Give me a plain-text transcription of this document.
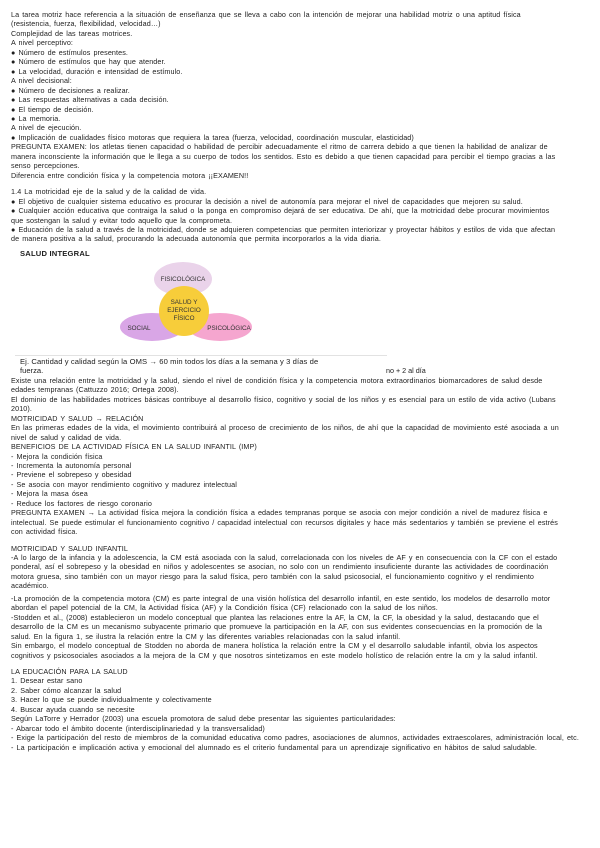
La tarea motriz hace referencia a la situación de enseñanza que se lleva a cabo con la intención de mejorar una habilidad motriz o una aptitud física
(resistencia, fuerza, flexibilidad, velocidad…)
Complejidad de las tareas motrices.
A nivel perceptivo:
● Número de estímulos presentes.
● Número de estímulos que hay que atender.
● La velocidad, duración e intensidad de estímulo.
A nivel decisional:
● Número de decisiones a realizar.
● Las respuestas alternativas a cada decisión.
● El tiempo de decisión.
● La memoria.
A nivel de ejecución.
● Implicación de cualidades físico motoras que requiera la tarea (fuerza, velocidad, coordinación muscular, elasticidad)
PREGUNTA EXAMEN: los atletas tienen capacidad o habilidad de percibir adecuadamente el ritmo de carrera debido a que tienen la habilidad de analizar de
manera inconsciente la información que le llega a su cuerpo de todos los sentidos. Esto es debido a que tienen capacidad para percibir el tiempo gracias a las
senso percepciones.
Diferencia entre condición física y la competencia motora ¡¡EXAMEN!!
1.4 La motricidad eje de la salud y de la calidad de vida.
● El objetivo de cualquier sistema educativo es procurar la decisión a nivel de autonomía para mejorar el nivel de capacidades que mejoren su salud.
● Cualquier acción educativa que contraiga la salud o la ponga en compromiso dejará de ser educativa. De ahí, que la motricidad debe procurar movimientos
que sostengan la salud y evitar todo aquello que la comprometa.
● Educación de la salud a través de la motricidad, donde se adquieren competencias que permiten interiorizar y proyectar hábitos y estilos de vida que afectan
de manera positiva a la salud, procurando la adecuada autonomía que permita incorporarlos a la vida diaria.
SALUD INTEGRAL
FISICOLÓGICA
SALUD Y
EJERCICIO
FÍSICO
SOCIAL	PSICOLÓGICA
Ej. Cantidad y calidad según la OMS → 60 min todos los días a la semana y 3 días de
fuerza.	no + 2 al día
Existe una relación entre la motricidad y la salud, siendo el nivel de condición física y la competencia motora extraordinarios biomarcadores de salud desde
edades tempranas (Cattuzzo 2016; Ortega 2008).
El dominio de las habilidades motrices básicas contribuye al desarrollo físico, cognitivo y social de los niños y es esencial para un estilo de vida activo (Lubans
2010).
MOTRICIDAD Y SALUD → RELACIÓN
En las primeras edades de la vida, el movimiento contribuirá al proceso de crecimiento de los niños, de ahí que la capacidad de movimiento esté asociada a un
nivel de salud y calidad de vida.
BENEFICIOS DE LA ACTIVIDAD FÍSICA EN LA SALUD INFANTIL (IMP)
- Mejora la condición física
- Incrementa la autonomía personal
- Previene el sobrepeso y obesidad
- Se asocia con mayor rendimiento cognitivo y madurez intelectual
- Mejora la masa ósea
- Reduce los factores de riesgo coronario
PREGUNTA EXAMEN → La actividad física mejora la condición física a edades tempranas porque se asocia con mejor condición a nivel de madurez física e
intelectual. Se puede estimular el funcionamiento cognitivo / capacidad intelectual con recursos digitales y hace más sedentarios y también se previene el estrés
con actividad física.
MOTRICIDAD Y SALUD INFANTIL
-A lo largo de la infancia y la adolescencia, la CM está asociada con la salud, correlacionada con los niveles de AF y en consecuencia con la CF con el estado
ponderal, así el sobrepeso y la obesidad en niños y adolescentes se asocian, no solo con un rendimiento insuficiente durante las actividades de coordinación
motora gruesa, sino también con un mayor riesgo para la salud física, pero también con la salud psicosocial, el funcionamiento cognitivo y el rendimiento
académico.
-La promoción de la competencia motora (CM) es parte integral de una visión holística del desarrollo infantil, en este sentido, los modelos de desarrollo motor
abordan el papel potencial de la CM, la Actividad física (AF) y la Condición física (CF) relacionado con la salud de los niños.
-Stodden et al., (2008) establecieron un modelo conceptual que plantea las relaciones entre la AF, la CM, la CF, la obesidad y la salud, destacando que el
desarrollo de la CM es un mecanismo subyacente primario que promueve la participación en la AF, con sus evidentes consecuencias en la promoción de la
salud. En la figura 1, se ilustra la relación entre la CM y las diferentes variables relacionadas con la salud infantil.
Sin embargo, el modelo conceptual de Stodden no aborda de manera holística la relación entre la CM y el desarrollo saludable infantil, obvia los aspectos
cognitivos y psicosociales asociados a la mejora de la CM y que nosotros sintetizamos en este modelo holístico de relación entre la cm y la salud infantil.
LA EDUCACIÓN PARA LA SALUD
1. Desear estar sano
2. Saber cómo alcanzar la salud
3. Hacer lo que se puede individualmente y colectivamente
4. Buscar ayuda cuando se necesite
Según LaTorre y Herrador (2003) una escuela promotora de salud debe presentar las siguientes particularidades:
- Abarcar todo el ámbito docente (interdisciplinariedad y la transversalidad)
- Exige la participación del resto de miembros de la comunidad educativa como padres, asociaciones de alumnos, actividades extraescolares, administración local, etc.
- La participación e implicación activa y emocional del alumnado es el criterio fundamental para un aprendizaje significativo en hábitos de salud saludable.
